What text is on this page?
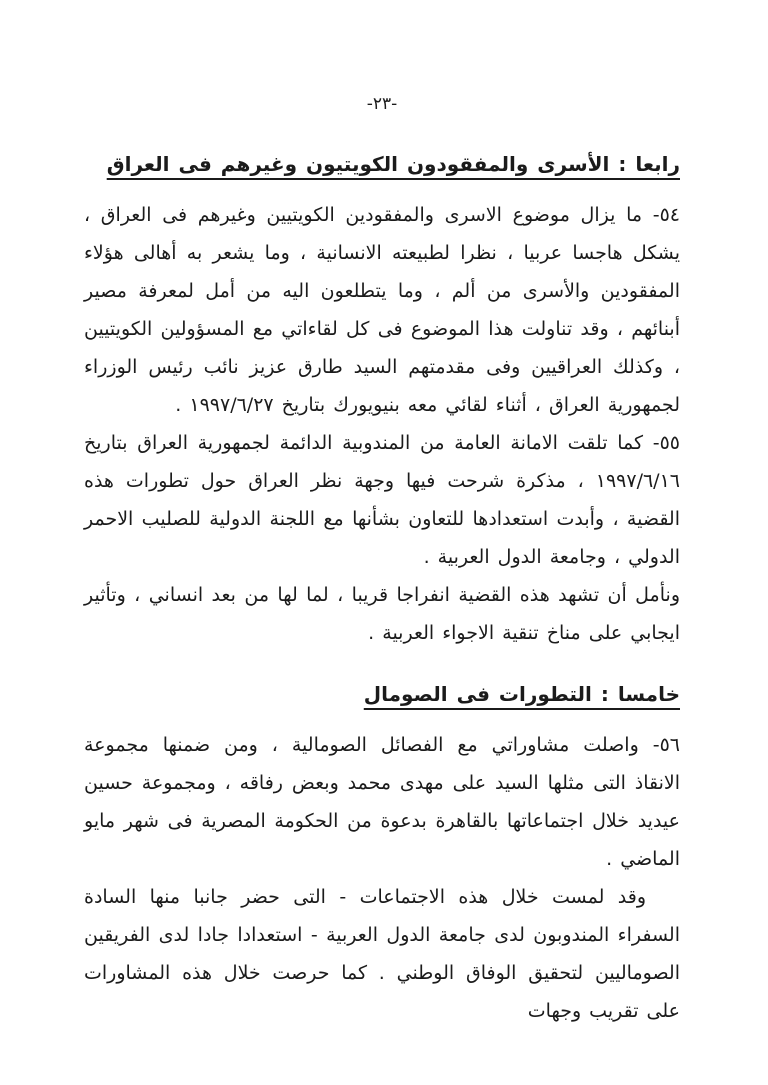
-٢٣-
رابعا : الأسرى والمفقودون الكويتيون وغيرهم فى العراق

٥٤- ما يزال موضوع الاسرى والمفقودين الكويتيين وغيرهم فى العراق ، يشكل هاجسا عربيا ، نظرا لطبيعته الانسانية ، وما يشعر به أهالى هؤلاء المفقودين والأسرى من ألم ، وما يتطلعون اليه من أمل لمعرفة مصير أبنائهم ، وقد تناولت هذا الموضوع فى كل لقاءاتي مع المسؤولين الكويتيين ، وكذلك العراقيين وفى مقدمتهم السيد طارق عزيز نائب رئيس الوزراء لجمهورية العراق ، أثناء لقائي معه بنيويورك بتاريخ ١٩٩٧/٦/٢٧ .

٥٥- كما تلقت الامانة العامة من المندوبية الدائمة لجمهورية العراق بتاريخ ١٩٩٧/٦/١٦ ، مذكرة شرحت فيها وجهة نظر العراق حول تطورات هذه القضية ، وأبدت استعدادها للتعاون بشأنها مع اللجنة الدولية للصليب الاحمر الدولي ، وجامعة الدول العربية .

ونأمل أن تشهد هذه القضية انفراجا قريبا ، لما لها من بعد انساني ، وتأثير ايجابي على مناخ تنقية الاجواء العربية .

خامسا : التطورات فى الصومال

٥٦- واصلت مشاوراتي مع الفصائل الصومالية ، ومن ضمنها مجموعة الانقاذ التى مثلها السيد على مهدى محمد وبعض رفاقه ، ومجموعة حسين عيديد خلال اجتماعاتها بالقاهرة بدعوة من الحكومة المصرية فى شهر مايو الماضي .

وقد لمست خلال هذه الاجتماعات - التى حضر جانبا منها السادة السفراء المندوبون لدى جامعة الدول العربية - استعدادا جادا لدى الفريقين الصوماليين لتحقيق الوفاق الوطني . كما حرصت خلال هذه المشاورات على تقريب وجهات
